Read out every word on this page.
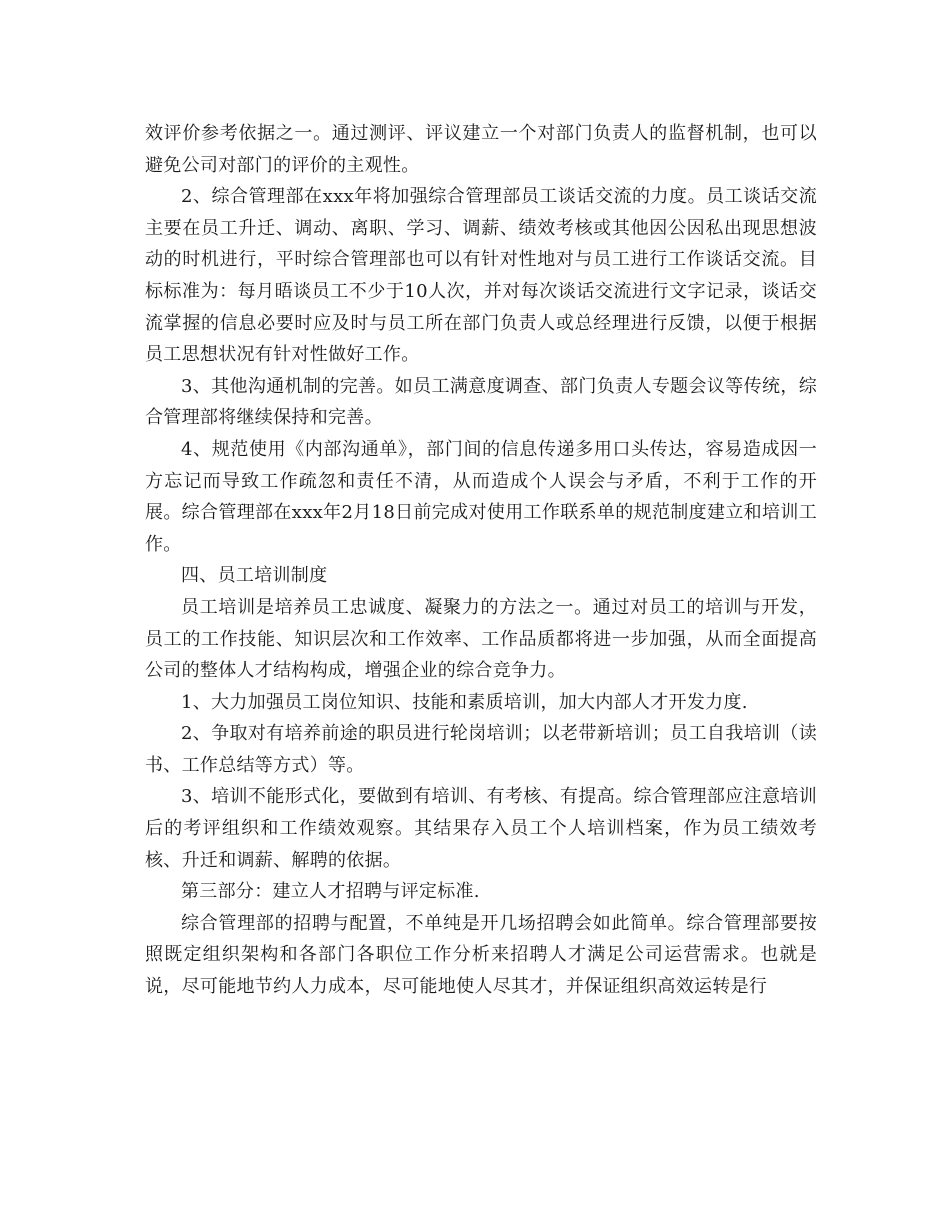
效评价参考依据之一。通过测评、评议建立一个对部门负责人的监督机制，也可以避免公司对部门的评价的主观性。

2、综合管理部在xxx年将加强综合管理部员工谈话交流的力度。员工谈话交流主要在员工升迁、调动、离职、学习、调薪、绩效考核或其他因公因私出现思想波动的时机进行，平时综合管理部也可以有针对性地对与员工进行工作谈话交流。目标标准为：每月晤谈员工不少于10人次，并对每次谈话交流进行文字记录，谈话交流掌握的信息必要时应及时与员工所在部门负责人或总经理进行反馈，以便于根据员工思想状况有针对性做好工作。

3、其他沟通机制的完善。如员工满意度调查、部门负责人专题会议等传统，综合管理部将继续保持和完善。

4、规范使用《内部沟通单》，部门间的信息传递多用口头传达，容易造成因一方忘记而导致工作疏忽和责任不清，从而造成个人误会与矛盾，不利于工作的开展。综合管理部在xxx年2月18日前完成对使用工作联系单的规范制度建立和培训工作。

四、员工培训制度

员工培训是培养员工忠诚度、凝聚力的方法之一。通过对员工的培训与开发，员工的工作技能、知识层次和工作效率、工作品质都将进一步加强，从而全面提高公司的整体人才结构构成，增强企业的综合竞争力。

1、大力加强员工岗位知识、技能和素质培训，加大内部人才开发力度.

2、争取对有培养前途的职员进行轮岗培训；以老带新培训；员工自我培训（读书、工作总结等方式）等。

3、培训不能形式化，要做到有培训、有考核、有提高。综合管理部应注意培训后的考评组织和工作绩效观察。其结果存入员工个人培训档案，作为员工绩效考核、升迁和调薪、解聘的依据。

第三部分：建立人才招聘与评定标准.

综合管理部的招聘与配置，不单纯是开几场招聘会如此简单。综合管理部要按照既定组织架构和各部门各职位工作分析来招聘人才满足公司运营需求。也就是说，尽可能地节约人力成本，尽可能地使人尽其才，并保证组织高效运转是行
